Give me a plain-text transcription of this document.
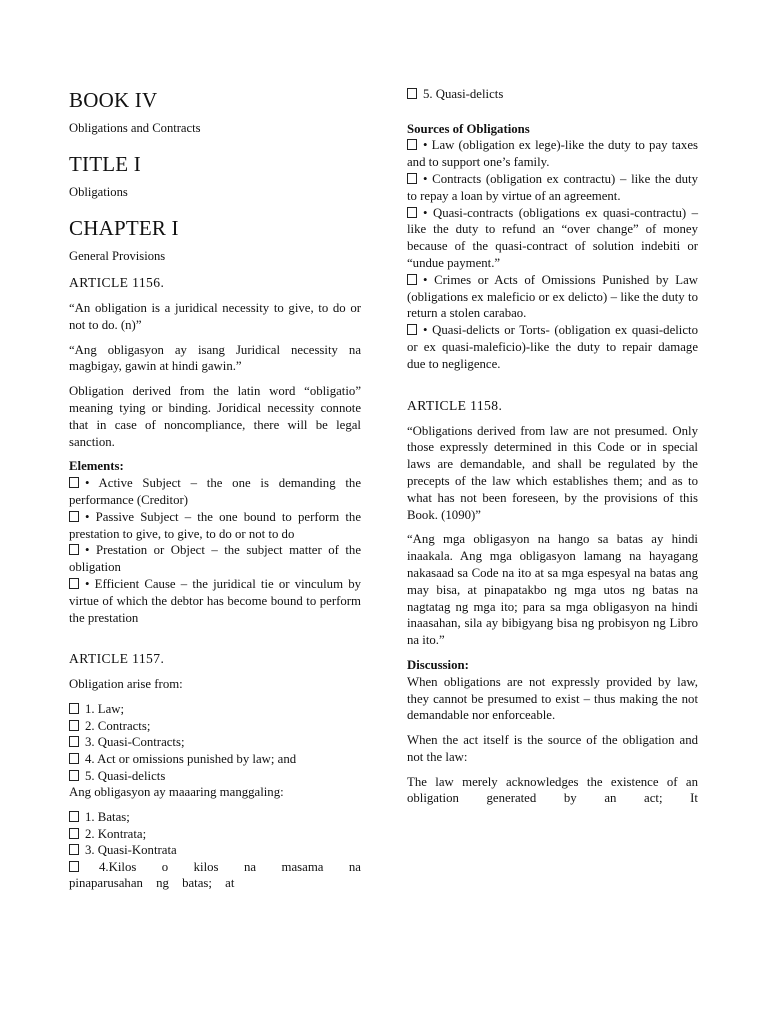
BOOK IV
Obligations and Contracts
TITLE I
Obligations
CHAPTER I
General Provisions
ARTICLE 1156.

“An obligation is a juridical necessity to give, to do or not to do. (n)”

“Ang obligasyon ay isang Juridical necessity na magbigay, gawin at hindi gawin.”

Obligation derived from the latin word “obligatio” meaning tying or binding. Joridical necessity connote that in case of noncompliance, there will be legal sanction.

Elements:
• Active Subject – the one is demanding the performance (Creditor)
• Passive Subject – the one bound to perform the prestation to give, to give, to do or not to do
• Prestation or Object – the subject matter of the obligation
• Efficient Cause – the juridical tie or vinculum by virtue of which the debtor has become bound to perform the prestation
ARTICLE 1157.

Obligation arise from:

1. Law;
2. Contracts;
3. Quasi-Contracts;
4. Act or omissions punished by law; and
5. Quasi-delicts

Ang obligasyon ay maaaring manggaling:

1. Batas;
2. Kontrata;
3. Quasi-Kontrata
4.Kilos o kilos na masama na pinaparusahan ng batas; at
5. Quasi-delicts
Sources of Obligations
• Law (obligation ex lege)-like the duty to pay taxes and to support one’s family.
• Contracts (obligation ex contractu) – like the duty to repay a loan by virtue of an agreement.
• Quasi-contracts (obligations ex quasi-contractu) – like the duty to refund an “over change” of money because of the quasi-contract of solution indebiti or “undue payment.”
• Crimes or Acts of Omissions Punished by Law (obligations ex maleficio or ex delicto) – like the duty to return a stolen carabao.
• Quasi-delicts or Torts- (obligation ex quasi-delicto or ex quasi-maleficio)-like the duty to repair damage due to negligence.
ARTICLE 1158.

“Obligations derived from law are not presumed. Only those expressly determined in this Code or in special laws are demandable, and shall be regulated by the precepts of the law which establishes them; and as to what has not been foreseen, by the provisions of this Book. (1090)”

“Ang mga obligasyon na hango sa batas ay hindi inaakala. Ang mga obligasyon lamang na hayagang nakasaad sa Code na ito at sa mga espesyal na batas ang may bisa, at pinapatakbo ng mga utos ng batas na nagtatag ng mga ito; para sa mga obligasyon na hindi inaasahan, sila ay bibigyang bisa ng probisyon ng Libro na ito.”

Discussion:

When obligations are not expressly provided by law, they cannot be presumed to exist – thus making the not demandable nor enforceable.

When the act itself is the source of the obligation and not the law:

The law merely acknowledges the existence of an obligation generated by an act; It
